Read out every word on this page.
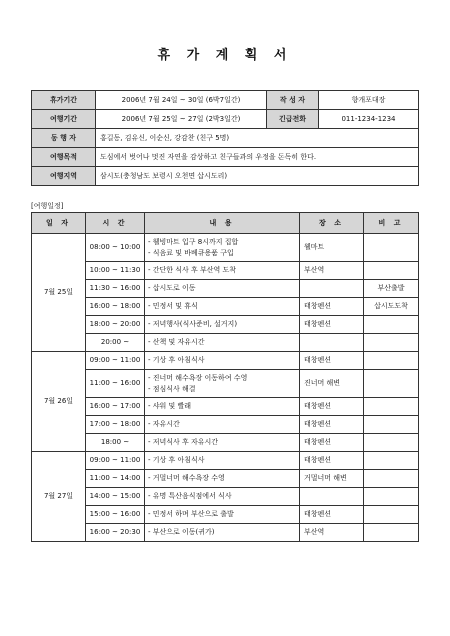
휴 가 계 획 서
휴가기간	2006년 7월 24일 ~ 30일 (6박7일간)	작 성 자	향개포대장
여행기간	2006년 7월 25일 ~ 27일 (2박3일간)	긴급전화	011-1234-1234
동 행 자	홍길동, 김유신, 이순신, 강감찬 (친구 5명)		
여행목적	도심에서 벗어나 멋진 자연을 감상하고 친구들과의 우정을 돈독히 한다.		
여행지역	삼시도(충청남도 보령시 오천면 삽시도리)		
[여행일정]
일 자	시 간	내 용	장 소	비 고
7월 25일	08:00 ~ 10:00	- 웰빙마트 입구 8시까지 집합
- 식음료 및 바베큐용품 구입	웰마트	
	10:00 ~ 11:30	- 간단한 식사 후 부산역 도착	부산역	
	11:30 ~ 16:00	- 삽시도로 이동		부산출발
	16:00 ~ 18:00	- 민정서 및 휴식	태창펜션	삽시도도착
	18:00 ~ 20:00	- 저녁행사(식사준비, 설거지)	태창펜션	
	20:00 ~	- 산책 및 자유시간		

7월 26일	09:00 ~ 11:00	- 기상 후 아침식사	태창펜션	
	11:00 ~ 16:00	- 진너머 해수욕장 이동하여 수영
- 점심식사 해결	진너머 해변	
	16:00 ~ 17:00	- 샤워 및 빨래	태창펜션	
	17:00 ~ 18:00	- 자유시간	태창펜션	
	18:00 ~	- 저녁식사 후 자유시간	태창펜션	
7월 27일	09:00 ~ 11:00	- 기상 후 아침식사	태창펜션	
	11:00 ~ 14:00	- 거멀너머 해수욕장 수영	거멀너머 해변	
	14:00 ~ 15:00	- 유명 특산음식점에서 식사		

	15:00 ~ 16:00	- 민정서 하며 부산으로 출발	태창펜션	
	16:00 ~ 20:30	- 부산으로 이동(귀가)	부산역	
